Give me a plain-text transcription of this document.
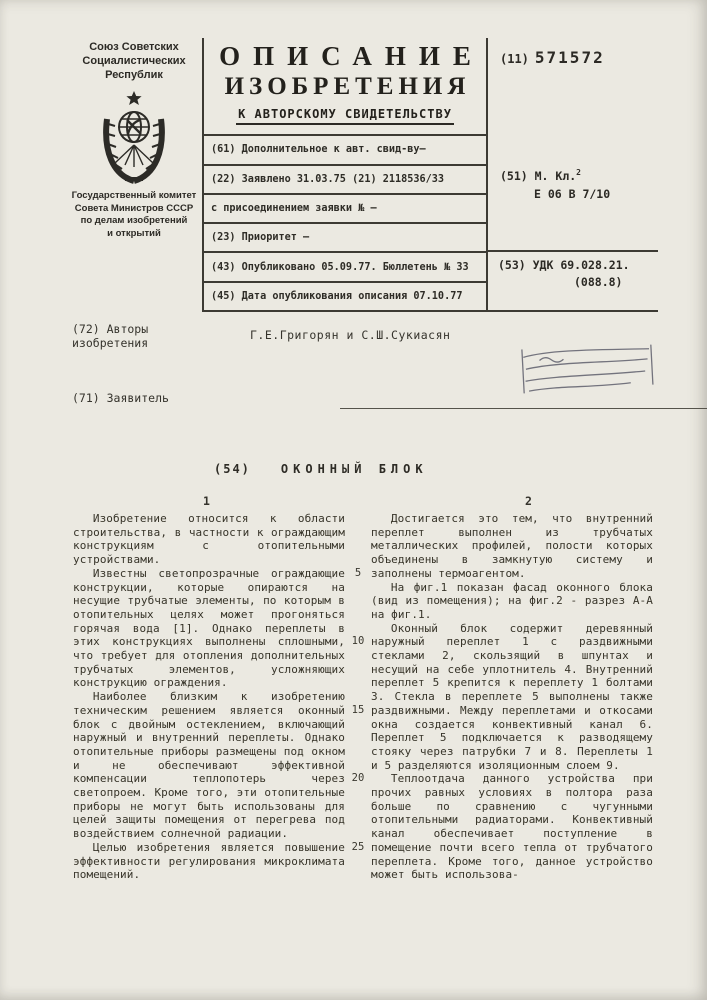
Союз Советских
Социалистических
Республик
Государственный комитет
Совета Министров СССР
по делам изобретений
и открытий
ОПИСАНИЕ
ИЗОБРЕТЕНИЯ
К АВТОРСКОМУ СВИДЕТЕЛЬСТВУ
(61) Дополнительное к авт. свид-ву—
(22) Заявлено 31.03.75 (21) 2118536/33
с присоединением заявки № —
(23) Приоритет —
(43) Опубликовано 05.09.77. Бюллетень № 33
(45) Дата опубликования описания 07.10.77
(11) 571572
(51) М. Кл.$^2$
Е 06 В 7/10
(53) УДК 69.028.21.
(088.8)
(72) Авторы
изобретения
Г.Е.Григорян и С.Ш.Сукиасян
(71) Заявитель
(54)	ОКОННЫЙ БЛОК
1	2
5
10
15
20
25

Изобретение относится к области строительства, в частности к ограждающим конструкциям с отопительными устройствами.

Известны светопрозрачные ограждающие конструкции, которые опираются на несущие трубчатые элементы, по которым в отопительных целях может прогоняться горячая вода [1]. Однако переплеты в этих конструкциях выполнены сплошными, что требует для отопления дополнительных трубчатых элементов, усложняющих конструкцию ограждения.

Наиболее близким к изобретению техническим решением является оконный блок с двойным остеклением, включающий наружный и внутренний переплеты. Однако отопительные приборы размещены под окном и не обеспечивают эффективной компенсации теплопотерь через светопроем. Кроме того, эти отопительные приборы не могут быть использованы для целей защиты помещения от перегрева под воздействием солнечной радиации.

Целью изобретения является повышение эффективности регулирования микроклимата помещений.

Достигается это тем, что внутренний переплет выполнен из трубчатых металлических профилей, полости которых объединены в замкнутую систему и заполнены термоагентом.

На фиг.1 показан фасад оконного блока (вид из помещения); на фиг.2 - разрез А-А на фиг.1.

Оконный блок содержит деревянный наружный переплет 1 с раздвижными стеклами 2, скользящий в шпунтах и несущий на себе уплотнитель 4. Внутренний переплет 5 крепится к переплету 1 болтами 3. Стекла в переплете 5 выполнены также раздвижными. Между переплетами и откосами окна создается конвективный канал 6. Переплет 5 подключается к разводящему стояку через патрубки 7 и 8. Переплеты 1 и 5 разделяются изоляционным слоем 9.

Теплоотдача данного устройства при прочих равных условиях в полтора раза больше по сравнению с чугунными отопительными радиаторами. Конвективный канал обеспечивает поступление в помещение почти всего тепла от трубчатого переплета. Кроме того, данное устройство может быть использова-
